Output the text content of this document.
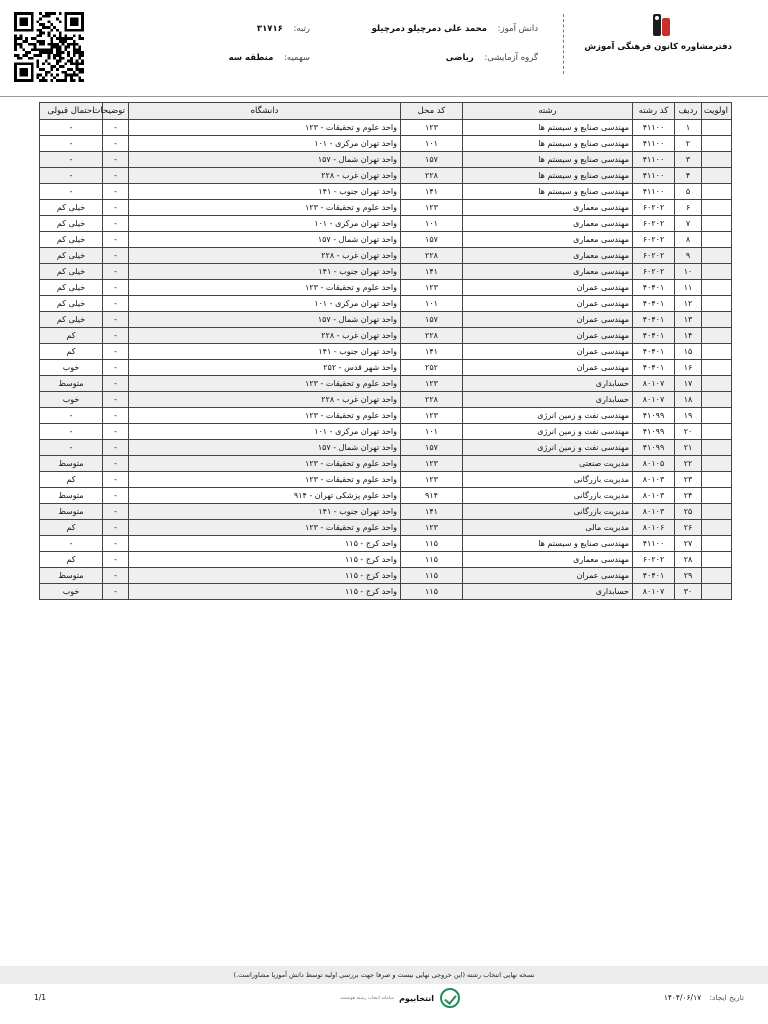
دفترمشاوره کانون فرهنگی آموزش
دانش آموز: محمد علی دمرچیلو دمرچیلو
گروه آزمایشی: ریاضی
رتبه: ۳۱۷۱۶
سهمیه: منطقه سه
اولویت	ردیف	کد رشته	رشته	کد محل	دانشگاه	توضیحات	احتمال قبولی
	۱	۴۱۱۰۰	مهندسی صنایع و سیستم ها	۱۲۳	واحد علوم و تحقیقات - ۱۲۳	-	-
	۲	۴۱۱۰۰	مهندسی صنایع و سیستم ها	۱۰۱	واحد تهران مرکزی - ۱۰۱	-	-
	۳	۴۱۱۰۰	مهندسی صنایع و سیستم ها	۱۵۷	واحد تهران شمال - ۱۵۷	-	-
	۴	۴۱۱۰۰	مهندسی صنایع و سیستم ها	۲۲۸	واحد تهران غرب - ۲۲۸	-	-
	۵	۴۱۱۰۰	مهندسی صنایع و سیستم ها	۱۴۱	واحد تهران جنوب - ۱۴۱	-	-
	۶	۶۰۲۰۲	مهندسی معماری	۱۲۳	واحد علوم و تحقیقات - ۱۲۳	-	خیلی کم
	۷	۶۰۲۰۲	مهندسی معماری	۱۰۱	واحد تهران مرکزی - ۱۰۱	-	خیلی کم
	۸	۶۰۲۰۲	مهندسی معماری	۱۵۷	واحد تهران شمال - ۱۵۷	-	خیلی کم
	۹	۶۰۲۰۲	مهندسی معماری	۲۲۸	واحد تهران غرب - ۲۲۸	-	خیلی کم
	۱۰	۶۰۲۰۲	مهندسی معماری	۱۴۱	واحد تهران جنوب - ۱۴۱	-	خیلی کم
	۱۱	۴۰۴۰۱	مهندسی عمران	۱۲۳	واحد علوم و تحقیقات - ۱۲۳	-	خیلی کم
	۱۲	۴۰۴۰۱	مهندسی عمران	۱۰۱	واحد تهران مرکزی - ۱۰۱	-	خیلی کم
	۱۳	۴۰۴۰۱	مهندسی عمران	۱۵۷	واحد تهران شمال - ۱۵۷	-	خیلی کم
	۱۴	۴۰۴۰۱	مهندسی عمران	۲۲۸	واحد تهران غرب - ۲۲۸	-	کم
	۱۵	۴۰۴۰۱	مهندسی عمران	۱۴۱	واحد تهران جنوب - ۱۴۱	-	کم
	۱۶	۴۰۴۰۱	مهندسی عمران	۲۵۲	واحد شهر قدس - ۲۵۲	-	خوب
	۱۷	۸۰۱۰۷	حسابداری	۱۲۳	واحد علوم و تحقیقات - ۱۲۳	-	متوسط
	۱۸	۸۰۱۰۷	حسابداری	۲۲۸	واحد تهران غرب - ۲۲۸	-	خوب
	۱۹	۴۱۰۹۹	مهندسی نفت و زمین انرژی	۱۲۳	واحد علوم و تحقیقات - ۱۲۳	-	-
	۲۰	۴۱۰۹۹	مهندسی نفت و زمین انرژی	۱۰۱	واحد تهران مرکزی - ۱۰۱	-	-
	۲۱	۴۱۰۹۹	مهندسی نفت و زمین انرژی	۱۵۷	واحد تهران شمال - ۱۵۷	-	-
	۲۲	۸۰۱۰۵	مدیریت صنعتی	۱۲۳	واحد علوم و تحقیقات - ۱۲۳	-	متوسط
	۲۳	۸۰۱۰۳	مدیریت بازرگانی	۱۲۳	واحد علوم و تحقیقات - ۱۲۳	-	کم
	۲۴	۸۰۱۰۳	مدیریت بازرگانی	۹۱۴	واحد علوم پزشکی تهران - ۹۱۴	-	متوسط
	۲۵	۸۰۱۰۳	مدیریت بازرگانی	۱۴۱	واحد تهران جنوب - ۱۴۱	-	متوسط
	۲۶	۸۰۱۰۶	مدیریت مالی	۱۲۳	واحد علوم و تحقیقات - ۱۲۳	-	کم
	۲۷	۴۱۱۰۰	مهندسی صنایع و سیستم ها	۱۱۵	واحد کرج - ۱۱۵	-	-
	۲۸	۶۰۲۰۲	مهندسی معماری	۱۱۵	واحد کرج - ۱۱۵	-	کم
	۲۹	۴۰۴۰۱	مهندسی عمران	۱۱۵	واحد کرج - ۱۱۵	-	متوسط
	۳۰	۸۰۱۰۷	حسابداری	۱۱۵	واحد کرج - ۱۱۵	-	خوب
نسخه نهایی انتخاب رشته (این خروجی نهایی نیست و صرفا جهت بررسی اولیه توسط دانش آموزیا مشاوراست.)
تاریخ ایجاد: ۱۴۰۴/۰۶/۱۷
انتخابیوم
سامانه انتخاب رشته هوشمند
1/1
